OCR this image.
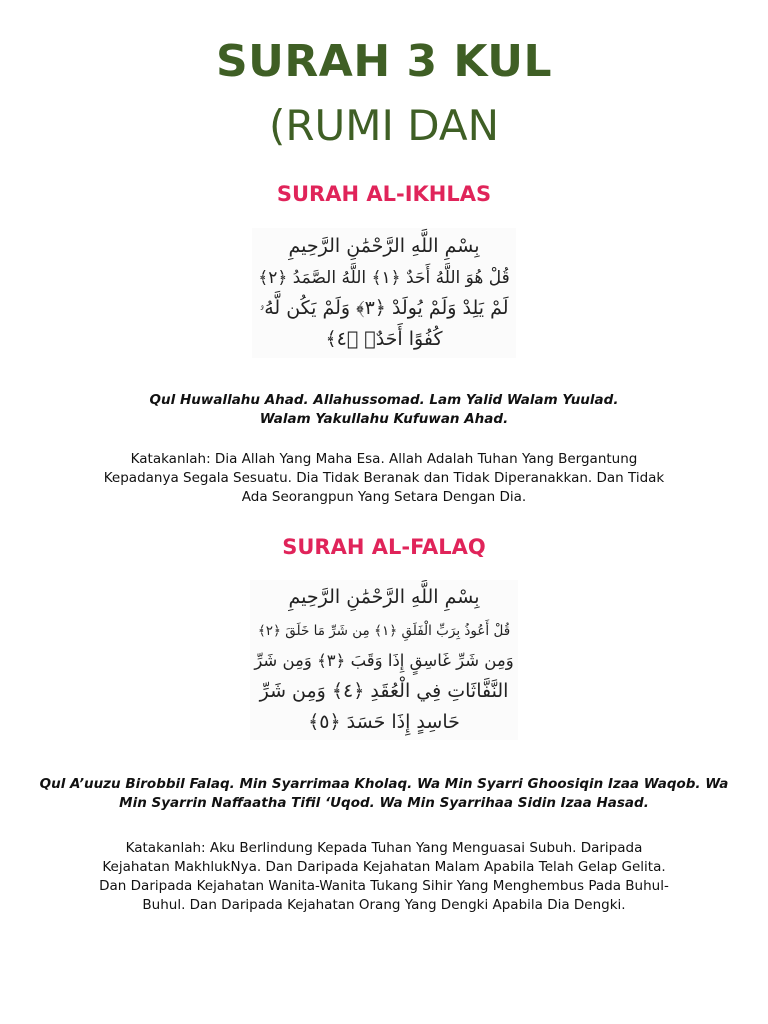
SURAH 3 KUL
(RUMI DAN
SURAH AL-IKHLAS
بِسْمِ اللَّهِ الرَّحْمَٰنِ الرَّحِيمِ
قُلْ هُوَ اللَّهُ أَحَدٌ ﴿١﴾ اللَّهُ الصَّمَدُ ﴿٢﴾
لَمْ يَلِدْ وَلَمْ يُولَدْ ﴿٣﴾ وَلَمْ يَكُن لَّهُۥ
كُفُوًا أَحَدٌۢ ﴿٤﴾
Qul Huwallahu Ahad. Allahussomad. Lam Yalid Walam Yuulad.
Walam Yakullahu Kufuwan Ahad.
Katakanlah: Dia Allah Yang Maha Esa. Allah Adalah Tuhan Yang Bergantung
Kepadanya Segala Sesuatu. Dia Tidak Beranak dan Tidak Diperanakkan. Dan Tidak
Ada Seorangpun Yang Setara Dengan Dia.
SURAH AL-FALAQ
بِسْمِ اللَّهِ الرَّحْمَٰنِ الرَّحِيمِ
قُلْ أَعُوذُ بِرَبِّ الْفَلَقِ ﴿١﴾ مِن شَرِّ مَا خَلَقَ ﴿٢﴾
وَمِن شَرِّ غَاسِقٍ إِذَا وَقَبَ ﴿٣﴾ وَمِن شَرِّ
النَّفَّاثَاتِ فِي الْعُقَدِ ﴿٤﴾ وَمِن شَرِّ
حَاسِدٍ إِذَا حَسَدَ ﴿٥﴾
Qul A’uuzu Birobbil Falaq. Min Syarrimaa Kholaq. Wa Min Syarri Ghoosiqin Izaa Waqob. Wa
Min Syarrin Naffaatha Tifil ‘Uqod. Wa Min Syarrihaa Sidin Izaa Hasad.
Katakanlah: Aku Berlindung Kepada Tuhan Yang Menguasai Subuh. Daripada
Kejahatan MakhlukNya. Dan Daripada Kejahatan Malam Apabila Telah Gelap Gelita.
Dan Daripada Kejahatan Wanita-Wanita Tukang Sihir Yang Menghembus Pada Buhul-
Buhul. Dan Daripada Kejahatan Orang Yang Dengki Apabila Dia Dengki.
